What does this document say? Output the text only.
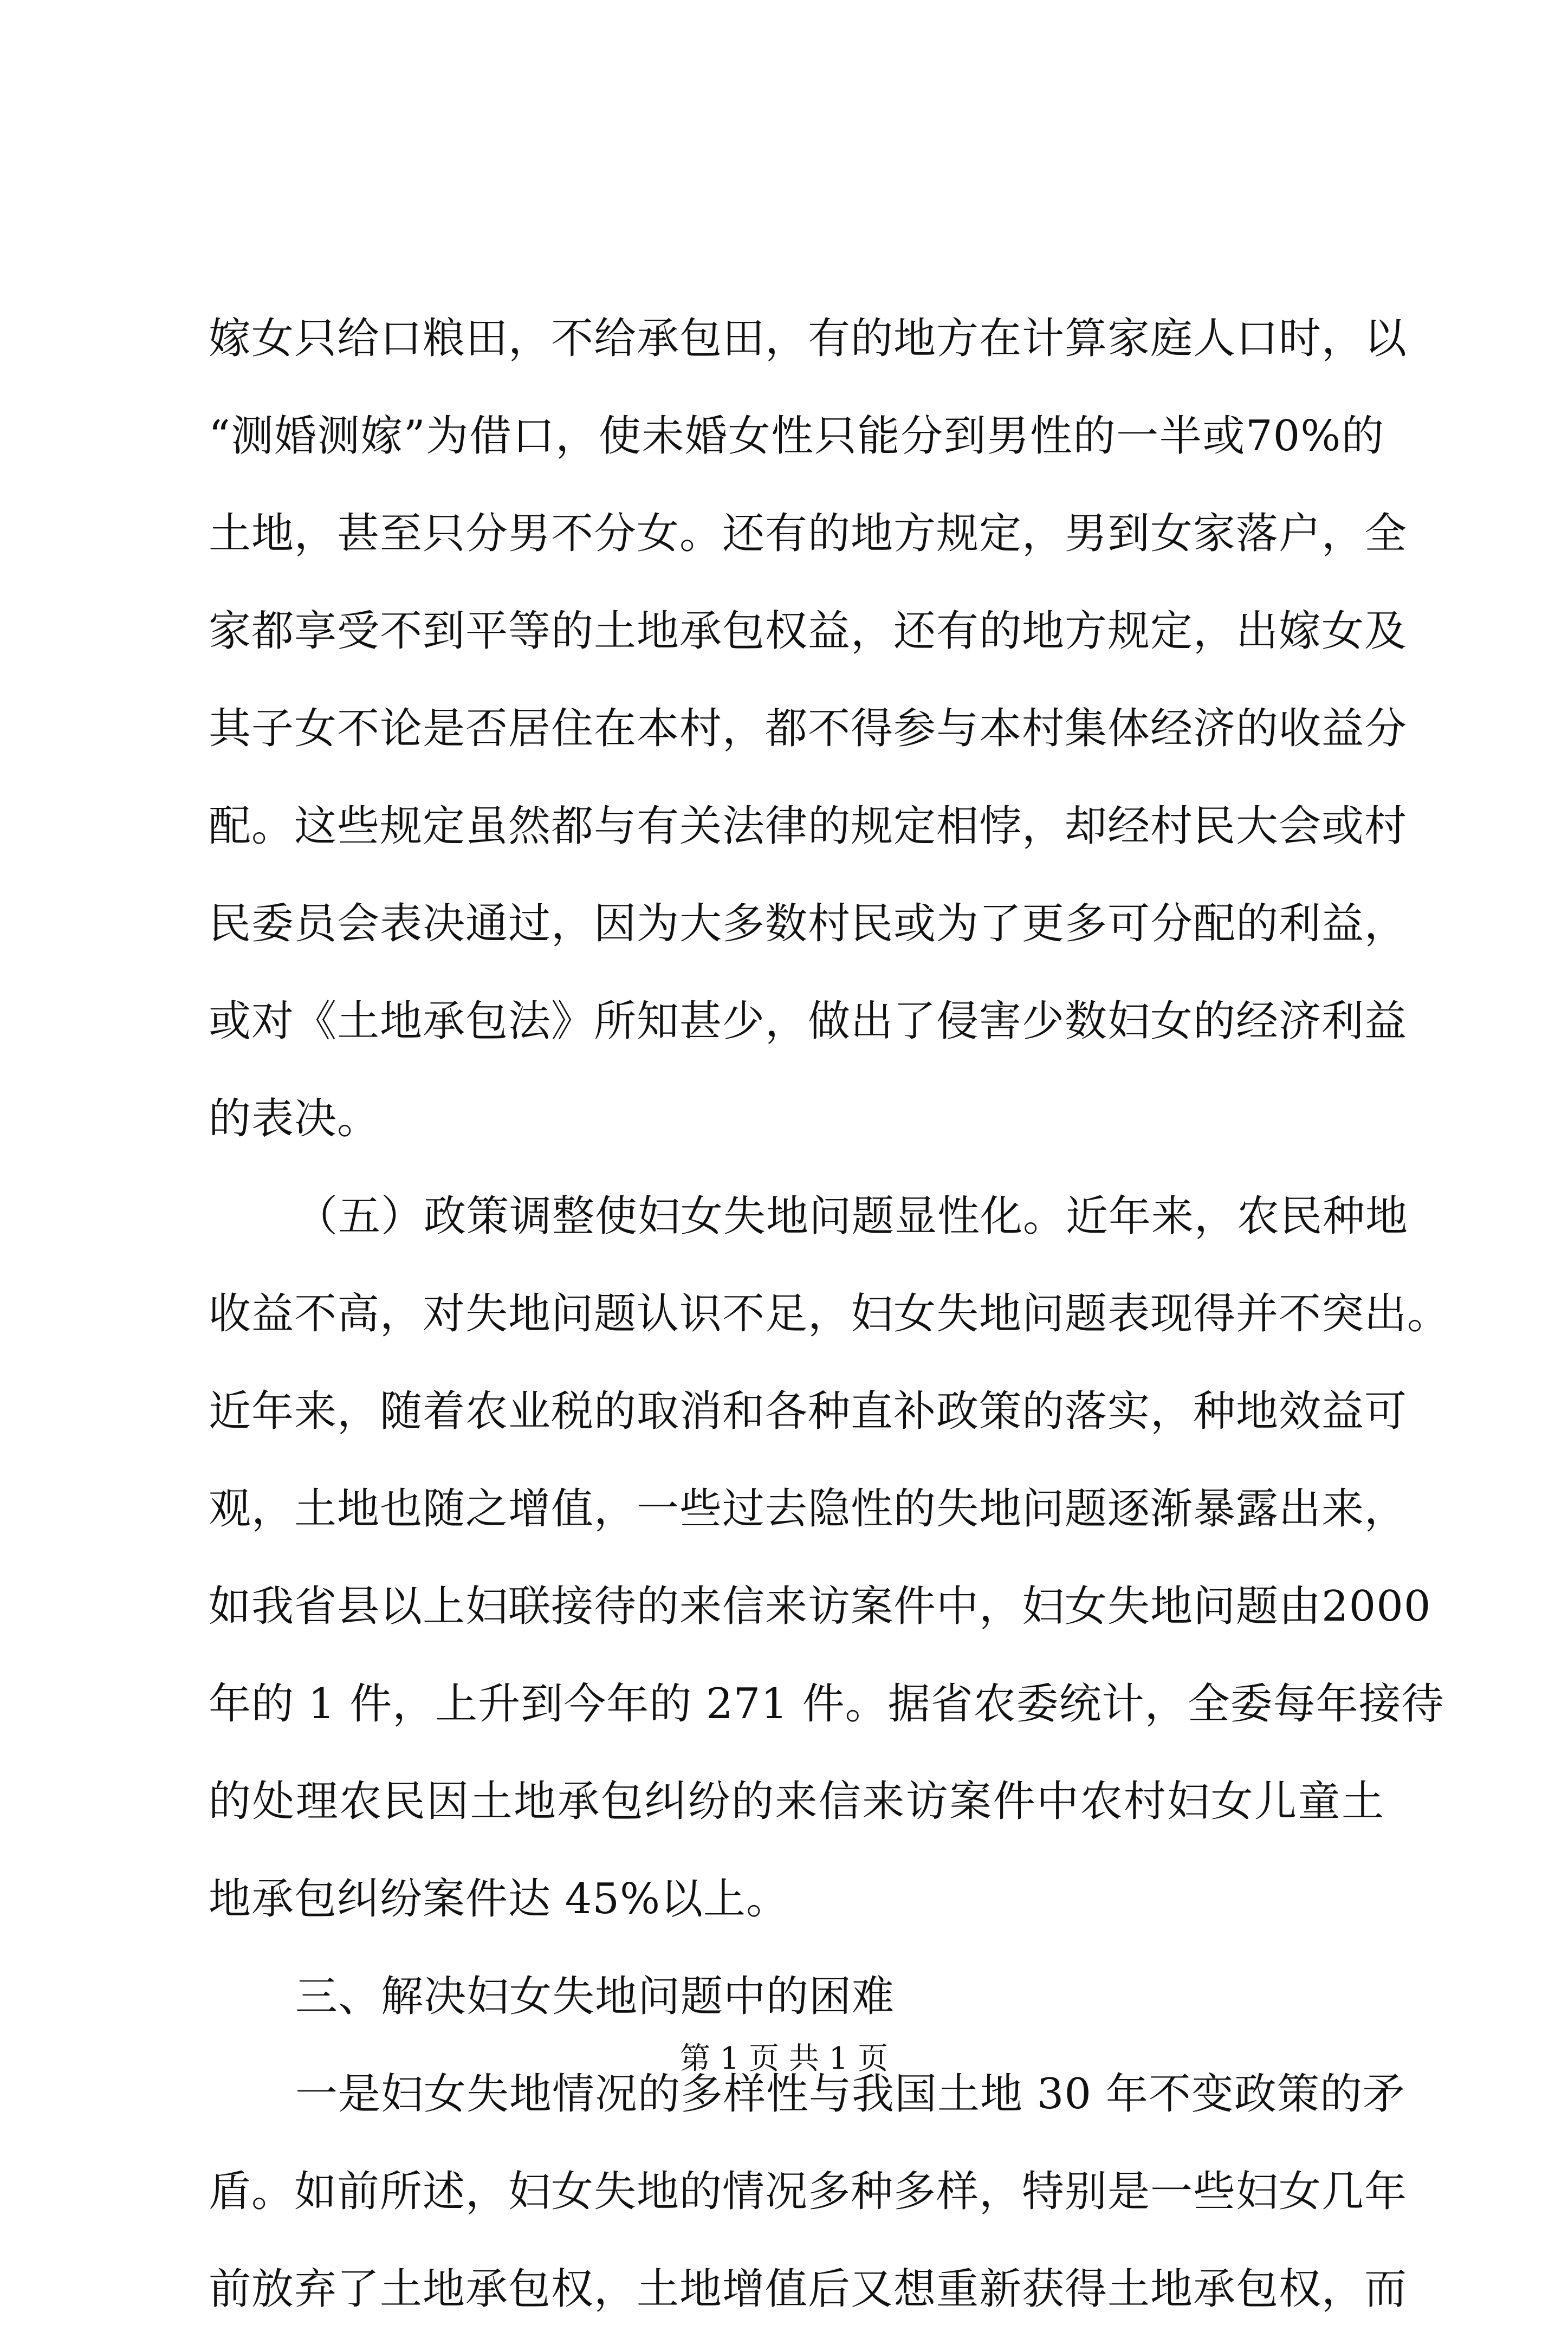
嫁女只给口粮田，不给承包田，有的地方在计算家庭人口时，以
“测婚测嫁”为借口，使未婚女性只能分到男性的一半或70%的
土地，甚至只分男不分女。还有的地方规定，男到女家落户，全
家都享受不到平等的土地承包权益，还有的地方规定，出嫁女及
其子女不论是否居住在本村，都不得参与本村集体经济的收益分
配。这些规定虽然都与有关法律的规定相悖，却经村民大会或村
民委员会表决通过，因为大多数村民或为了更多可分配的利益，
或对《土地承包法》所知甚少，做出了侵害少数妇女的经济利益
的表决。
（五）政策调整使妇女失地问题显性化。近年来，农民种地
收益不高，对失地问题认识不足，妇女失地问题表现得并不突出。
近年来，随着农业税的取消和各种直补政策的落实，种地效益可
观，土地也随之增值，一些过去隐性的失地问题逐渐暴露出来，
如我省县以上妇联接待的来信来访案件中，妇女失地问题由2000
年的 1 件，上升到今年的 271 件。据省农委统计，全委每年接待
的处理农民因土地承包纠纷的来信来访案件中农村妇女儿童土
地承包纠纷案件达 45%以上。
三、解决妇女失地问题中的困难
一是妇女失地情况的多样性与我国土地 30 年不变政策的矛
盾。如前所述，妇女失地的情况多种多样，特别是一些妇女几年
前放弃了土地承包权，土地增值后又想重新获得土地承包权，而
第 1 页 共 1 页
